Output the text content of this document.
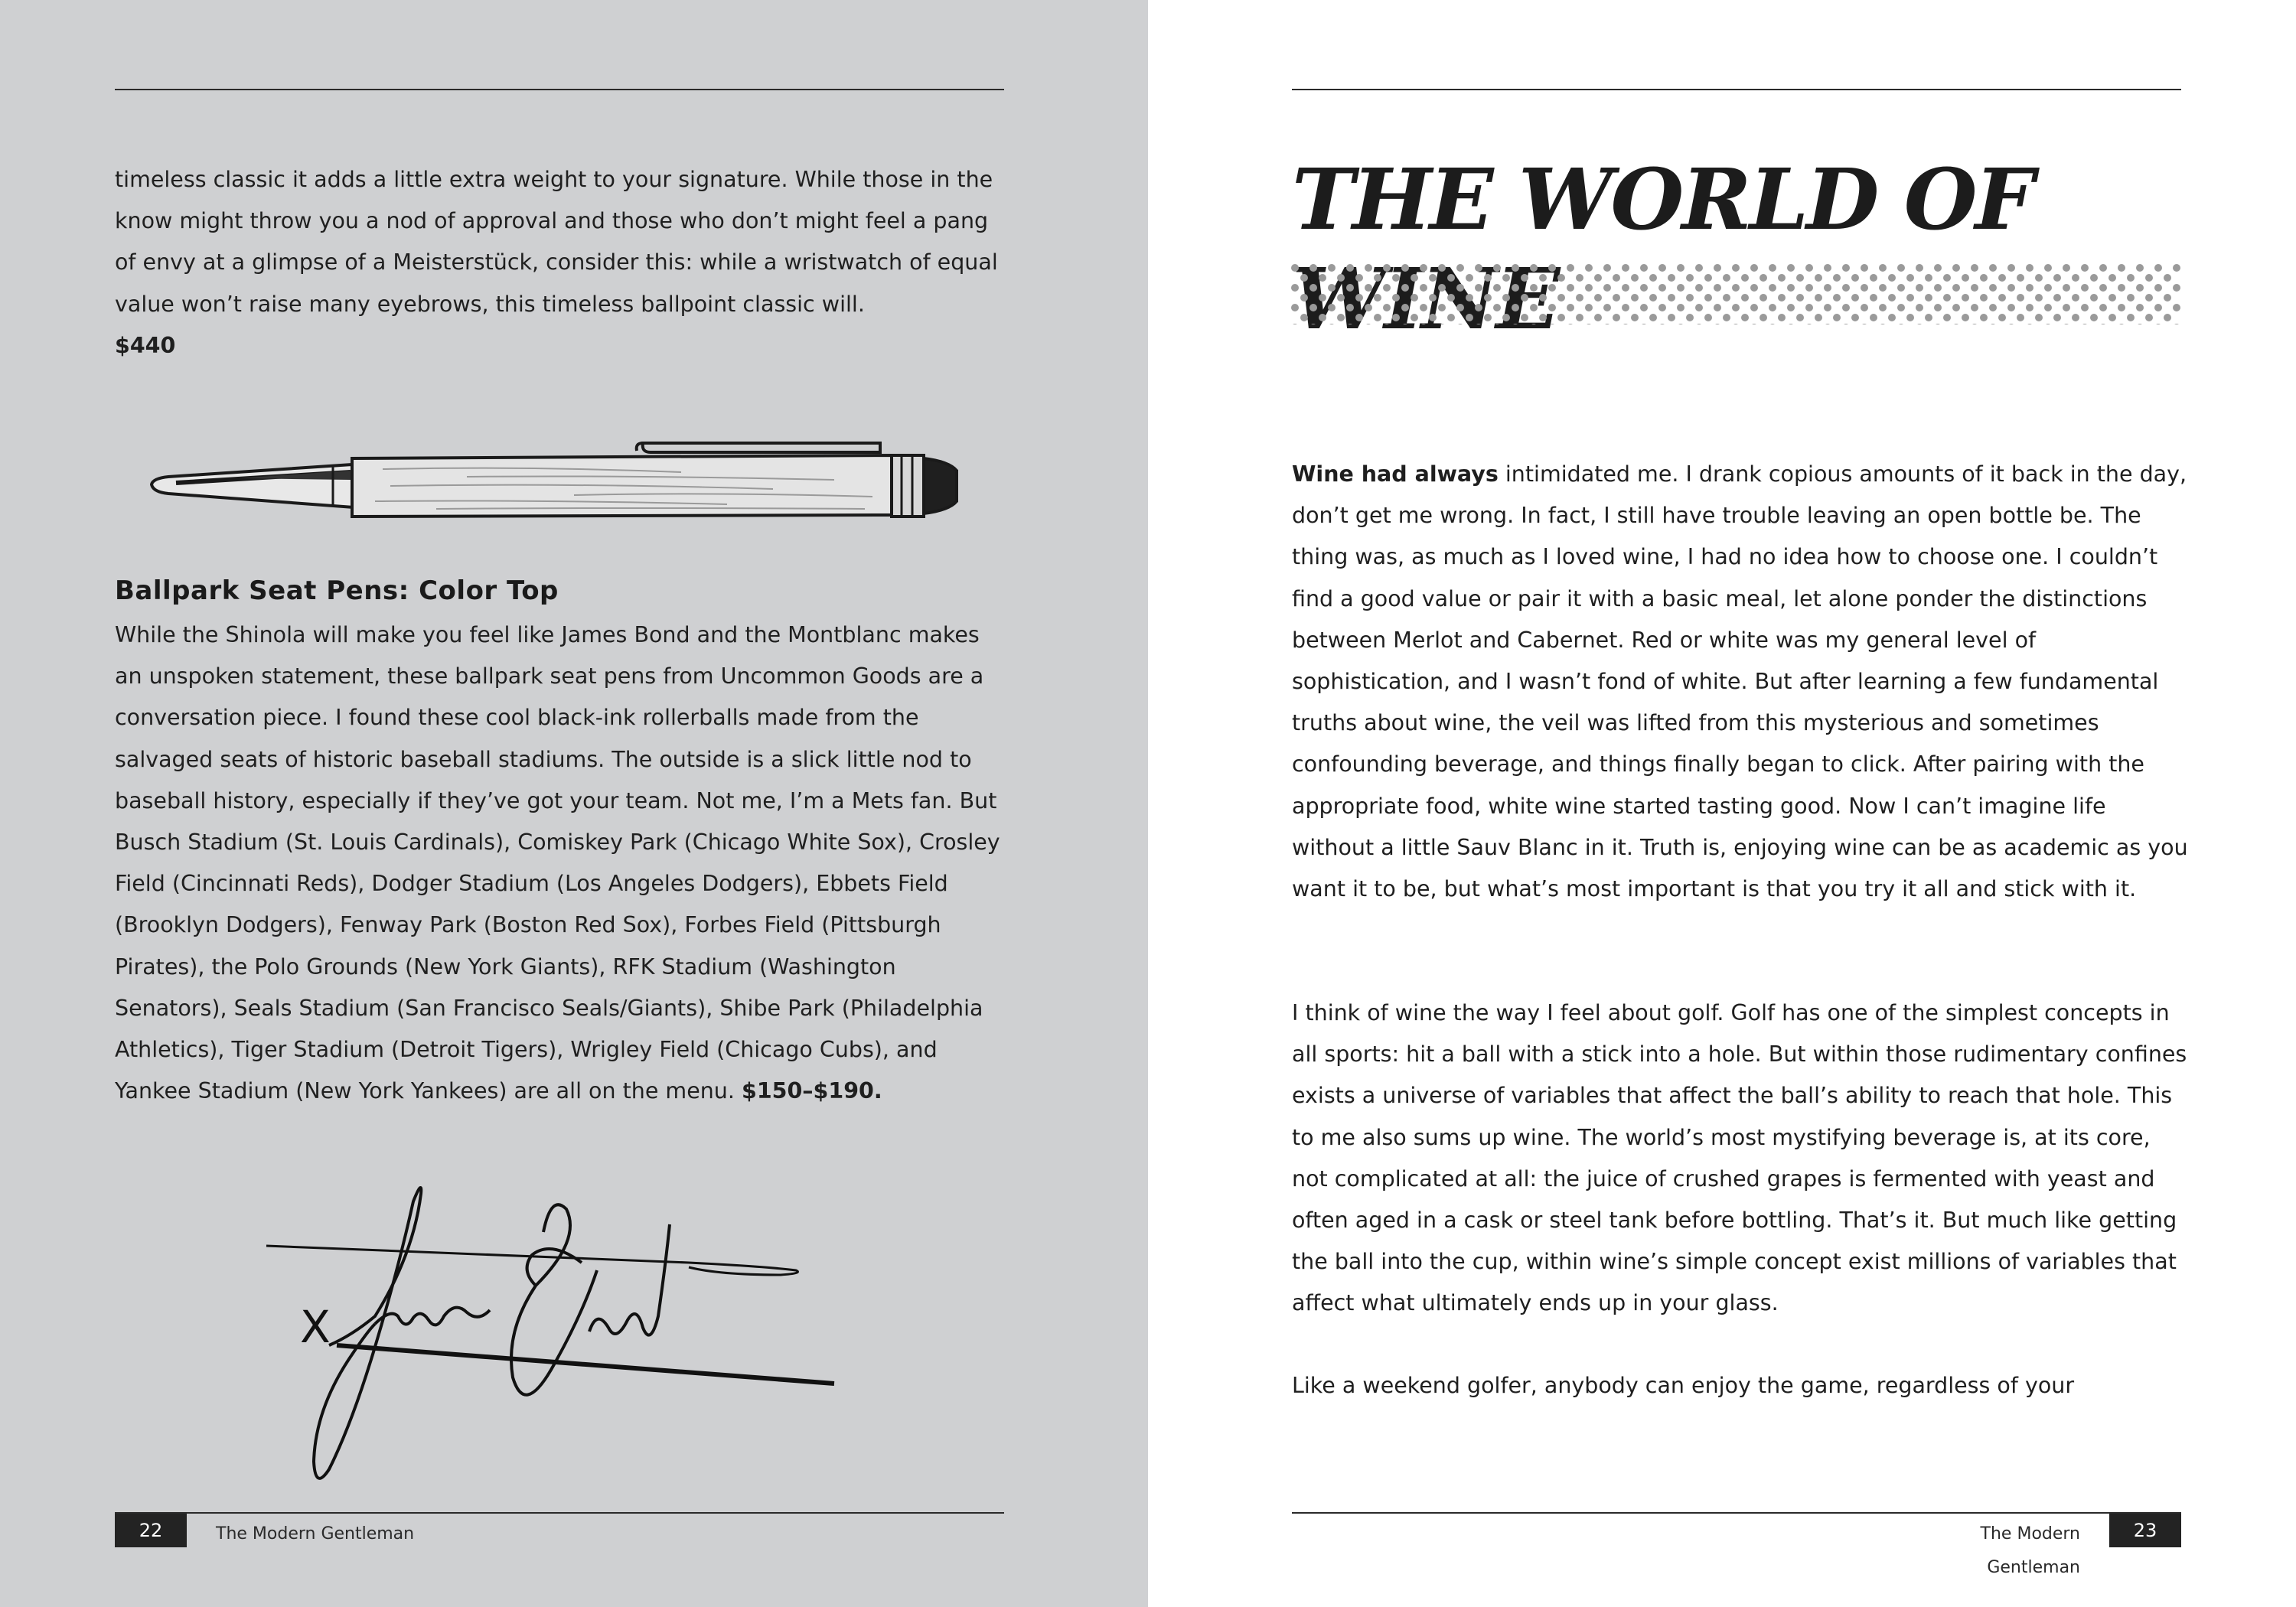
timeless classic it adds a little extra weight to your signature. While those in the know might throw you a nod of approval and those who don’t might feel a pang of envy at a glimpse of a Meisterstück, consider this: while a wristwatch of equal value won’t raise many eyebrows, this timeless ballpoint classic will.
$440

Ballpark Seat Pens: Color Top

While the Shinola will make you feel like James Bond and the Montblanc makes an unspoken statement, these ballpark seat pens from Uncommon Goods are a conversation piece. I found these cool black-ink rollerballs made from the salvaged seats of historic baseball stadiums. The outside is a slick little nod to baseball history, especially if they’ve got your team. Not me, I’m a Mets fan. But Busch Stadium (St. Louis Cardinals), Comiskey Park (Chicago White Sox), Crosley Field (Cincinnati Reds), Dodger Stadium (Los Angeles Dodgers), Ebbets Field (Brooklyn Dodgers), Fenway Park (Boston Red Sox), Forbes Field (Pittsburgh Pirates), the Polo Grounds (New York Giants), RFK Stadium (Washington Senators), Seals Stadium (San Francisco Seals/Giants), Shibe Park (Philadelphia Athletics), Tiger Stadium (Detroit Tigers), Wrigley Field (Chicago Cubs), and Yankee Stadium (New York Yankees) are all on the menu. $150–$190.

X
22	The Modern Gentleman
THE WORLD OF

Wine had always intimidated me. I drank copious amounts of it back in the day, don’t get me wrong. In fact, I still have trouble leaving an open bottle be. The thing was, as much as I loved wine, I had no idea how to choose one. I couldn’t find a good value or pair it with a basic meal, let alone ponder the distinctions between Merlot and Cabernet. Red or white was my general level of sophistication, and I wasn’t fond of white. But after learning a few fundamental truths about wine, the veil was lifted from this mysterious and sometimes confounding beverage, and things finally began to click. After pairing with the appropriate food, white wine started tasting good. Now I can’t imagine life without a little Sauv Blanc in it. Truth is, enjoying wine can be as academic as you want it to be, but what’s most important is that you try it all and stick with it.

I think of wine the way I feel about golf. Golf has one of the simplest concepts in all sports: hit a ball with a stick into a hole. But within those rudimentary confines exists a universe of variables that affect the ball’s ability to reach that hole. This to me also sums up wine. The world’s most mystifying beverage is, at its core, not complicated at all: the juice of crushed grapes is fermented with yeast and often aged in a cask or steel tank before bottling. That’s it. But much like getting the ball into the cup, within wine’s simple concept exist millions of variables that affect what ultimately ends up in your glass.

Like a weekend golfer, anybody can enjoy the game, regardless of your

The Modern Gentleman
23
